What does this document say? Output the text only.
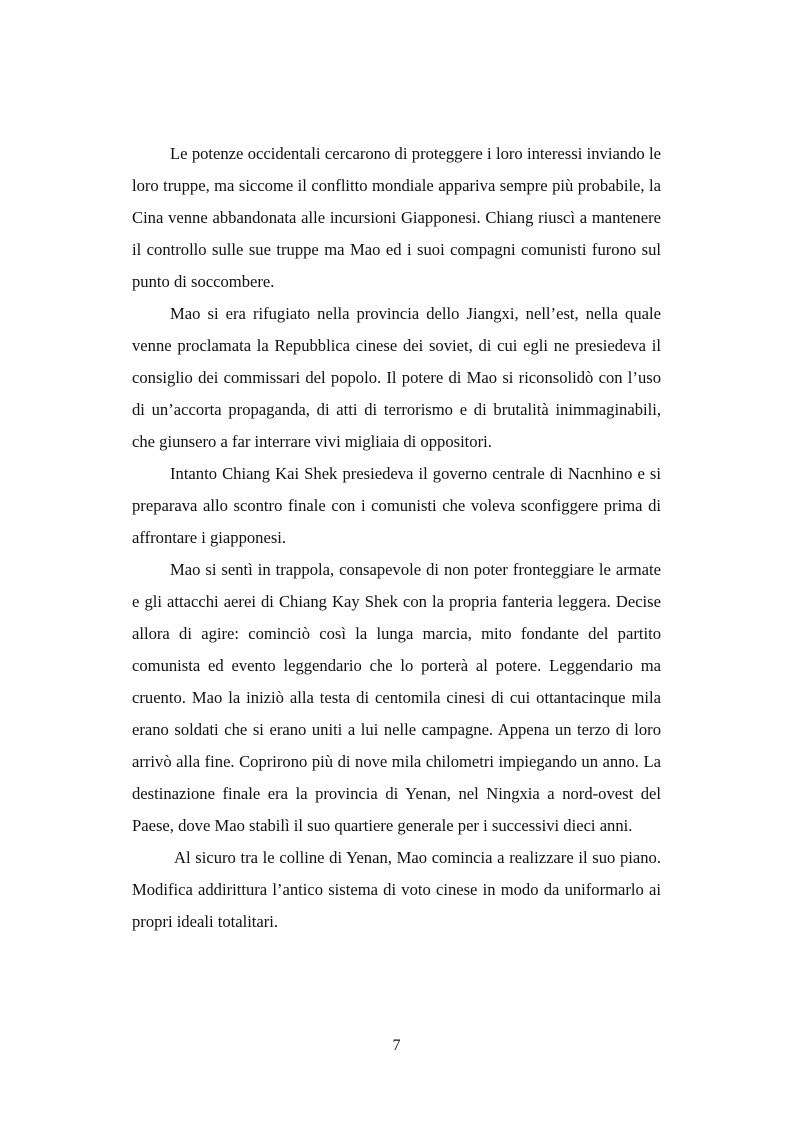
Le potenze occidentali cercarono di proteggere i loro interessi inviando le loro truppe, ma siccome il conflitto mondiale appariva sempre più probabile, la Cina venne abbandonata alle incursioni Giapponesi. Chiang riuscì a mantenere il controllo sulle sue truppe ma Mao ed i suoi compagni comunisti furono sul punto di soccombere.

Mao si era rifugiato nella provincia dello Jiangxi, nell’est, nella quale venne proclamata la Repubblica cinese dei soviet, di cui egli ne presiedeva il consiglio dei commissari del popolo. Il potere di Mao si riconsolidò con l’uso di un’accorta propaganda, di atti di terrorismo e di brutalità inimmaginabili, che giunsero a far interrare vivi migliaia di oppositori.

Intanto Chiang Kai Shek presiedeva il governo centrale di Nacnhino e si preparava allo scontro finale con i comunisti che voleva sconfiggere prima di affrontare i giapponesi.

Mao si sentì in trappola, consapevole di non poter fronteggiare le armate e gli attacchi aerei di Chiang Kay Shek con la propria fanteria leggera. Decise allora di agire: cominciò così la lunga marcia, mito fondante del partito comunista ed evento leggendario che lo porterà al potere. Leggendario ma cruento. Mao la iniziò alla testa di centomila cinesi di cui ottantacinque mila erano soldati che si erano uniti a lui nelle campagne. Appena un terzo di loro arrivò alla fine. Coprirono più di nove mila chilometri impiegando un anno. La destinazione finale era la provincia di Yenan, nel Ningxia a nord-ovest del Paese, dove Mao stabilì il suo quartiere generale per i successivi dieci anni.

Al sicuro tra le colline di Yenan, Mao comincia a realizzare il suo piano. Modifica addirittura l’antico sistema di voto cinese in modo da uniformarlo ai propri ideali totalitari.

7
